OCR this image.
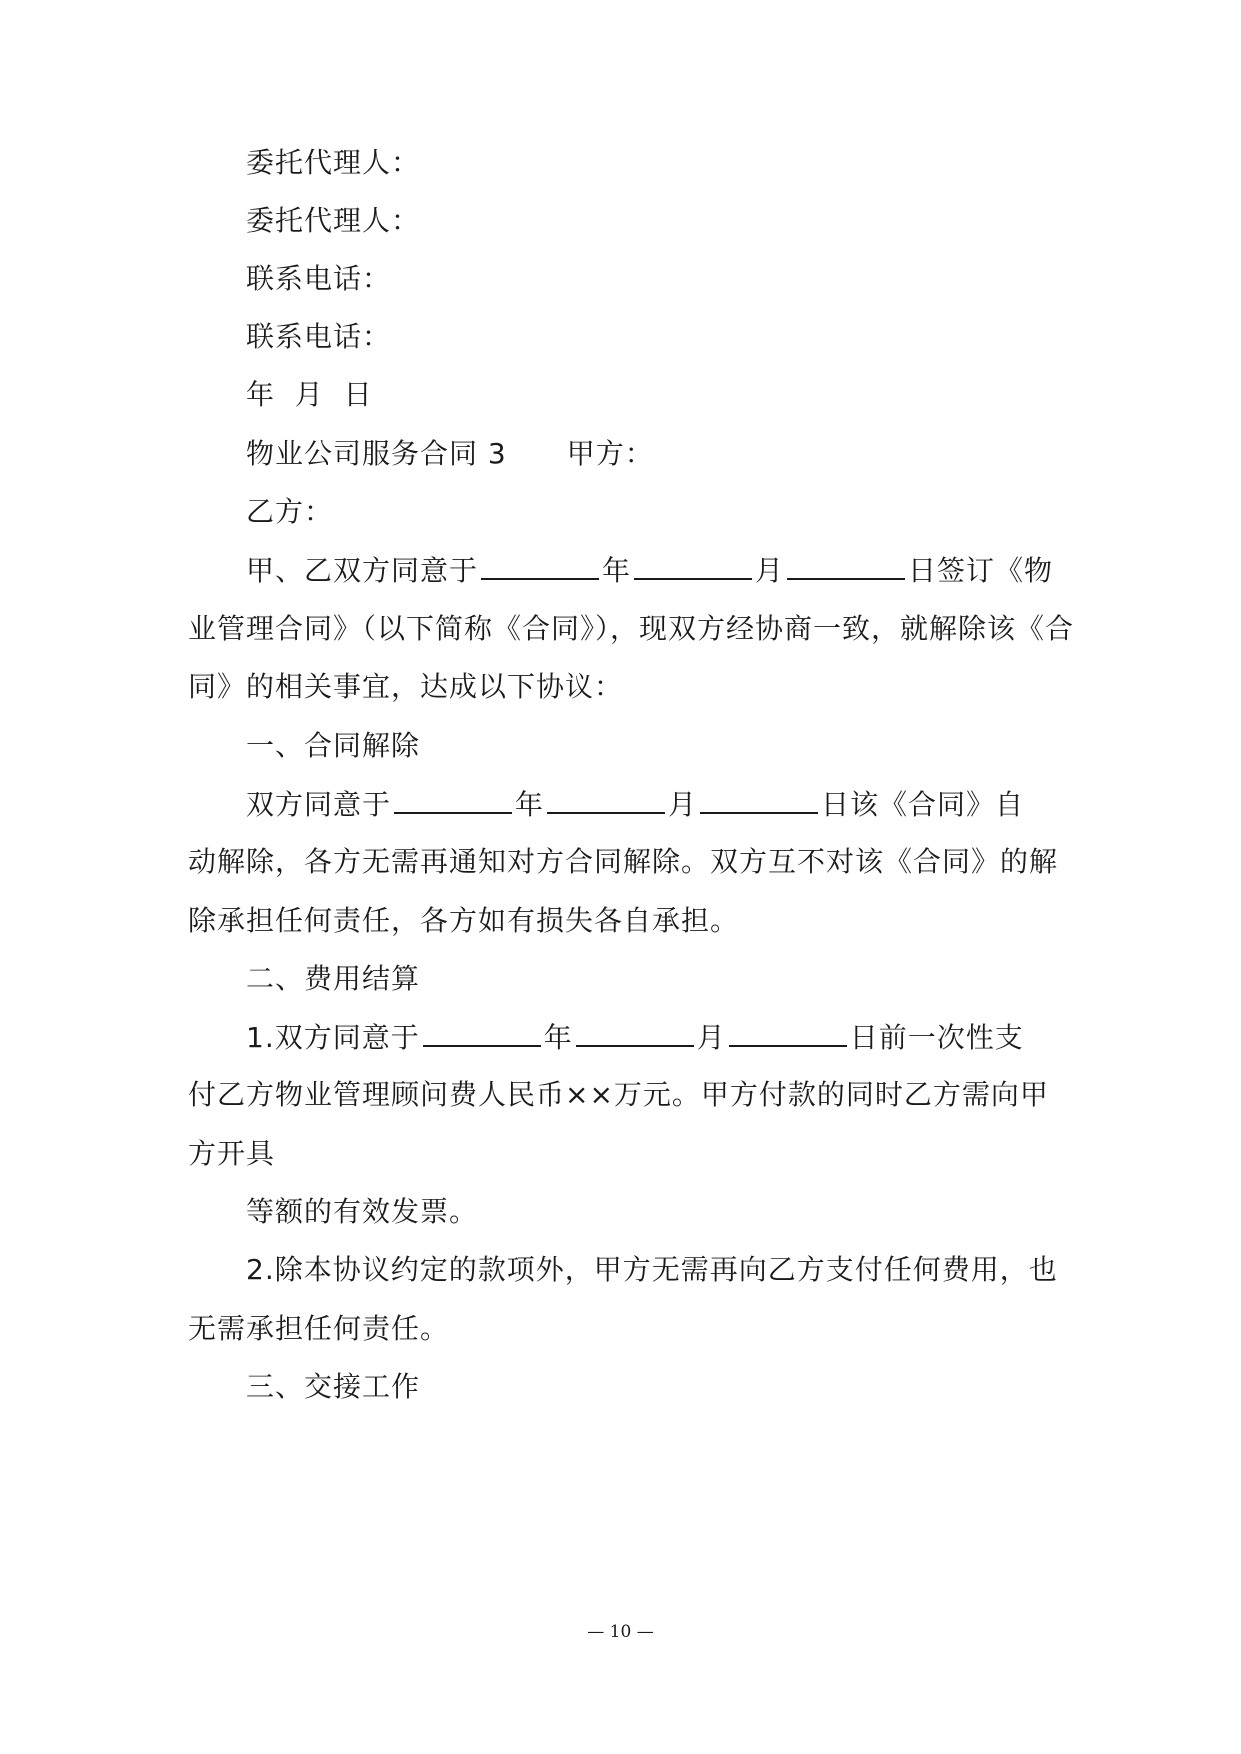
委托代理人：
委托代理人：
联系电话：
联系电话：
年  月  日
物业公司服务合同 3 甲方：
乙方：
甲、乙双方同意于	年	月	日签订《物
业管理合同》（以下简称《合同》），现双方经协商一致，就解除该《合
同》的相关事宜，达成以下协议：
一、合同解除
双方同意于	年	月	日该《合同》自
动解除，各方无需再通知对方合同解除。双方互不对该《合同》的解
除承担任何责任，各方如有损失各自承担。
二、费用结算
1.双方同意于	年	月	日前一次性支
付乙方物业管理顾问费人民币××万元。甲方付款的同时乙方需向甲
方开具
等额的有效发票。
2.除本协议约定的款项外，甲方无需再向乙方支付任何费用，也
无需承担任何责任。
三、交接工作
— 10 —
